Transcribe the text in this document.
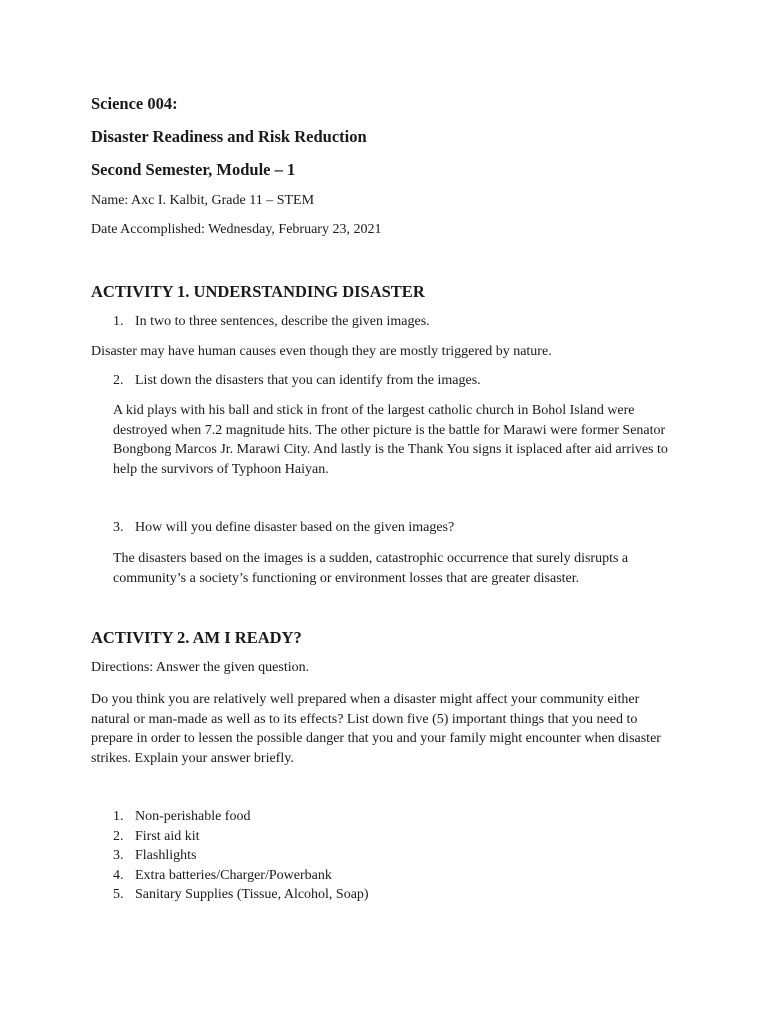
Science 004:

Disaster Readiness and Risk Reduction

Second Semester, Module – 1

Name: Axc I. Kalbit, Grade 11 – STEM

Date Accomplished: Wednesday, February 23, 2021

ACTIVITY 1. UNDERSTANDING DISASTER

1. In two to three sentences, describe the given images.

Disaster may have human causes even though they are mostly triggered by nature.

2. List down the disasters that you can identify from the images.

A kid plays with his ball and stick in front of the largest catholic church in Bohol Island were destroyed when 7.2 magnitude hits. The other picture is the battle for Marawi were former Senator Bongbong Marcos Jr. Marawi City. And lastly is the Thank You signs it isplaced after aid arrives to help the survivors of Typhoon Haiyan.

3. How will you define disaster based on the given images?

The disasters based on the images is a sudden, catastrophic occurrence that surely disrupts a community’s a society’s functioning or environment losses that are greater disaster.

ACTIVITY 2. AM I READY?

Directions: Answer the given question.

Do you think you are relatively well prepared when a disaster might affect your community either natural or man-made as well as to its effects? List down five (5) important things that you need to prepare in order to lessen the possible danger that you and your family might encounter when disaster strikes. Explain your answer briefly.

1. Non-perishable food
2. First aid kit
3. Flashlights
4. Extra batteries/Charger/Powerbank
5. Sanitary Supplies (Tissue, Alcohol, Soap)
